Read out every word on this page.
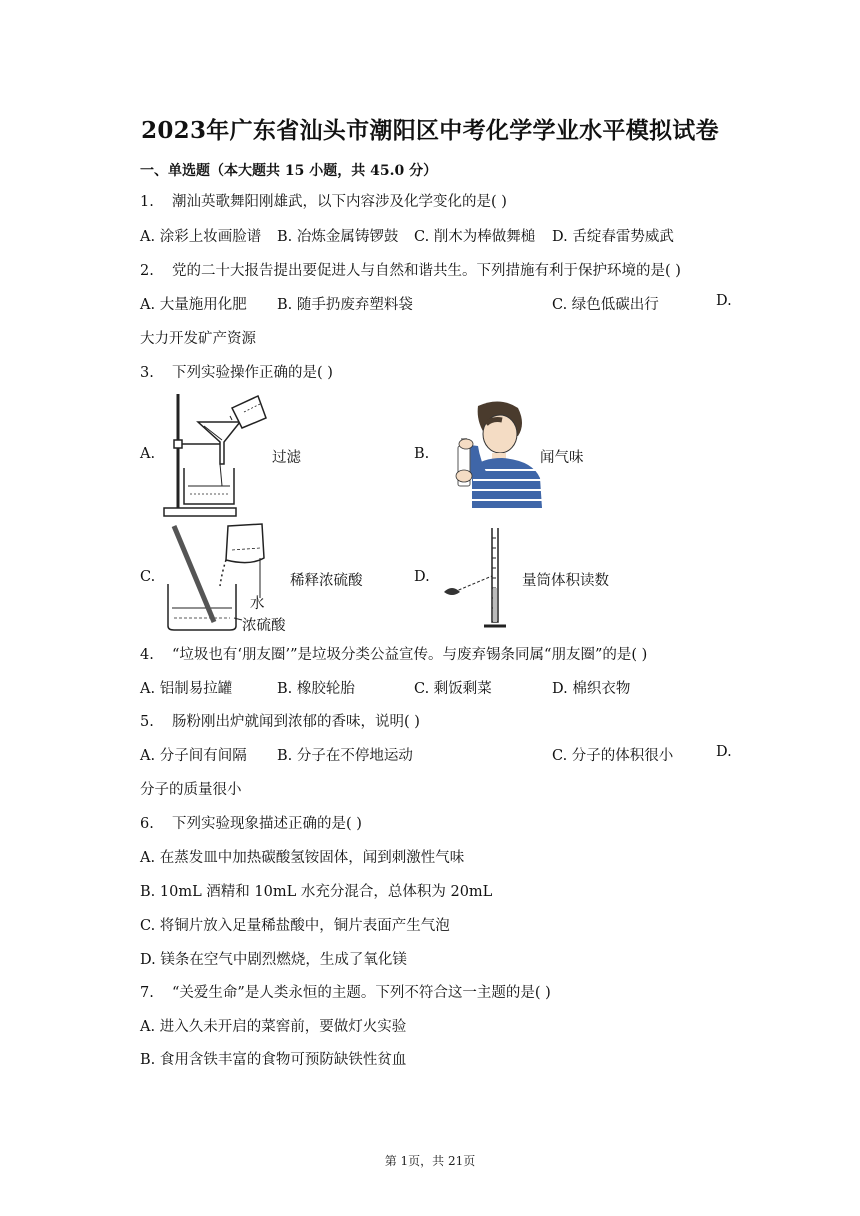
2023年广东省汕头市潮阳区中考化学学业水平模拟试卷
一、单选题（本大题共 15 小题，共 45.0 分）
1. 潮汕英歌舞阳刚雄武，以下内容涉及化学变化的是( )
A. 涂彩上妆画脸谱 B. 冶炼金属铸锣鼓 C. 削木为棒做舞槌 D. 舌绽春雷势威武
2. 党的二十大报告提出要促进人与自然和谐共生。下列措施有利于保护环境的是( )
A. 大量施用化肥 B. 随手扔废弃塑料袋	C. 绿色低碳出行	D.
大力开发矿产资源
3. 下列实验操作正确的是( )
A.	过滤	B.	闻气味
C.
水
浓硫酸
稀释浓硫酸	D.	量筒体积读数
4. “垃圾也有‘朋友圈’”是垃圾分类公益宣传。与废弃锡条同属“朋友圈”的是( )
A. 铝制易拉罐	B. 橡胶轮胎	C. 剩饭剩菜	D. 棉织衣物
5. 肠粉刚出炉就闻到浓郁的香味，说明( )
A. 分子间有间隔 B. 分子在不停地运动	C. 分子的体积很小	D.
分子的质量很小
6. 下列实验现象描述正确的是( )
A. 在蒸发皿中加热碳酸氢铵固体，闻到刺激性气味
B. 10mL 酒精和 10mL 水充分混合，总体积为 20mL
C. 将铜片放入足量稀盐酸中，铜片表面产生气泡
D. 镁条在空气中剧烈燃烧，生成了氧化镁
7. “关爱生命”是人类永恒的主题。下列不符合这一主题的是( )
A. 进入久未开启的菜窖前，要做灯火实验
B. 食用含铁丰富的食物可预防缺铁性贫血
第 1页，共 21页
